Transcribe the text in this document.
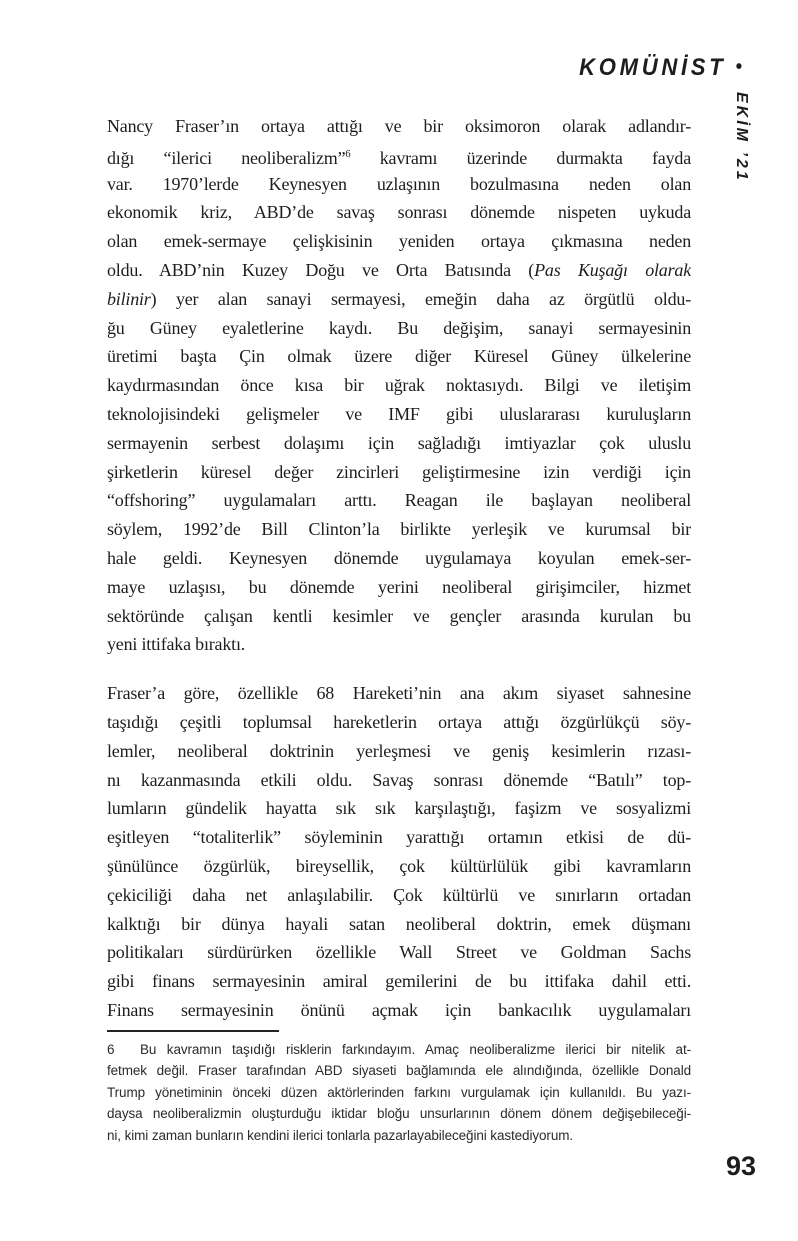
KOMÜNİST •
EKİM ’21
Nancy Fraser’ın ortaya attığı ve bir oksimoron olarak adlandır-
dığı “ilerici neoliberalizm”$^6$ kavramı üzerinde durmakta fayda
var. 1970’lerde Keynesyen uzlaşının bozulmasına neden olan
ekonomik kriz, ABD’de savaş sonrası dönemde nispeten uykuda
olan emek-sermaye çelişkisinin yeniden ortaya çıkmasına neden
oldu. ABD’nin Kuzey Doğu ve Orta Batısında (Pas Kuşağı olarak
bilinir) yer alan sanayi sermayesi, emeğin daha az örgütlü oldu-
ğu Güney eyaletlerine kaydı. Bu değişim, sanayi sermayesinin
üretimi başta Çin olmak üzere diğer Küresel Güney ülkelerine
kaydırmasından önce kısa bir uğrak noktasıydı. Bilgi ve iletişim
teknolojisindeki gelişmeler ve IMF gibi uluslararası kuruluşların
sermayenin serbest dolaşımı için sağladığı imtiyazlar çok uluslu
şirketlerin küresel değer zincirleri geliştirmesine izin verdiği için
“offshoring” uygulamaları arttı. Reagan ile başlayan neoliberal
söylem, 1992’de Bill Clinton’la birlikte yerleşik ve kurumsal bir
hale geldi. Keynesyen dönemde uygulamaya koyulan emek-ser-
maye uzlaşısı, bu dönemde yerini neoliberal girişimciler, hizmet
sektöründe çalışan kentli kesimler ve gençler arasında kurulan bu
yeni ittifaka bıraktı.
Fraser’a göre, özellikle 68 Hareketi’nin ana akım siyaset sahnesine
taşıdığı çeşitli toplumsal hareketlerin ortaya attığı özgürlükçü söy-
lemler, neoliberal doktrinin yerleşmesi ve geniş kesimlerin rızası-
nı kazanmasında etkili oldu. Savaş sonrası dönemde “Batılı” top-
lumların gündelik hayatta sık sık karşılaştığı, faşizm ve sosyalizmi
eşitleyen “totaliterlik” söyleminin yarattığı ortamın etkisi de dü-
şünülünce özgürlük, bireysellik, çok kültürlülük gibi kavramların
çekiciliği daha net anlaşılabilir. Çok kültürlü ve sınırların ortadan
kalktığı bir dünya hayali satan neoliberal doktrin, emek düşmanı
politikaları sürdürürken özellikle Wall Street ve Goldman Sachs
gibi finans sermayesinin amiral gemilerini de bu ittifaka dahil etti.
Finans sermayesinin önünü açmak için bankacılık uygulamaları
6 Bu kavramın taşıdığı risklerin farkındayım. Amaç neoliberalizme ilerici bir nitelik at-
fetmek değil. Fraser tarafından ABD siyaseti bağlamında ele alındığında, özellikle Donald
Trump yönetiminin önceki düzen aktörlerinden farkını vurgulamak için kullanıldı. Bu yazı-
daysa neoliberalizmin oluşturduğu iktidar bloğu unsurlarının dönem dönem değişebileceği-
ni, kimi zaman bunların kendini ilerici tonlarla pazarlayabileceğini kastediyorum.
93
